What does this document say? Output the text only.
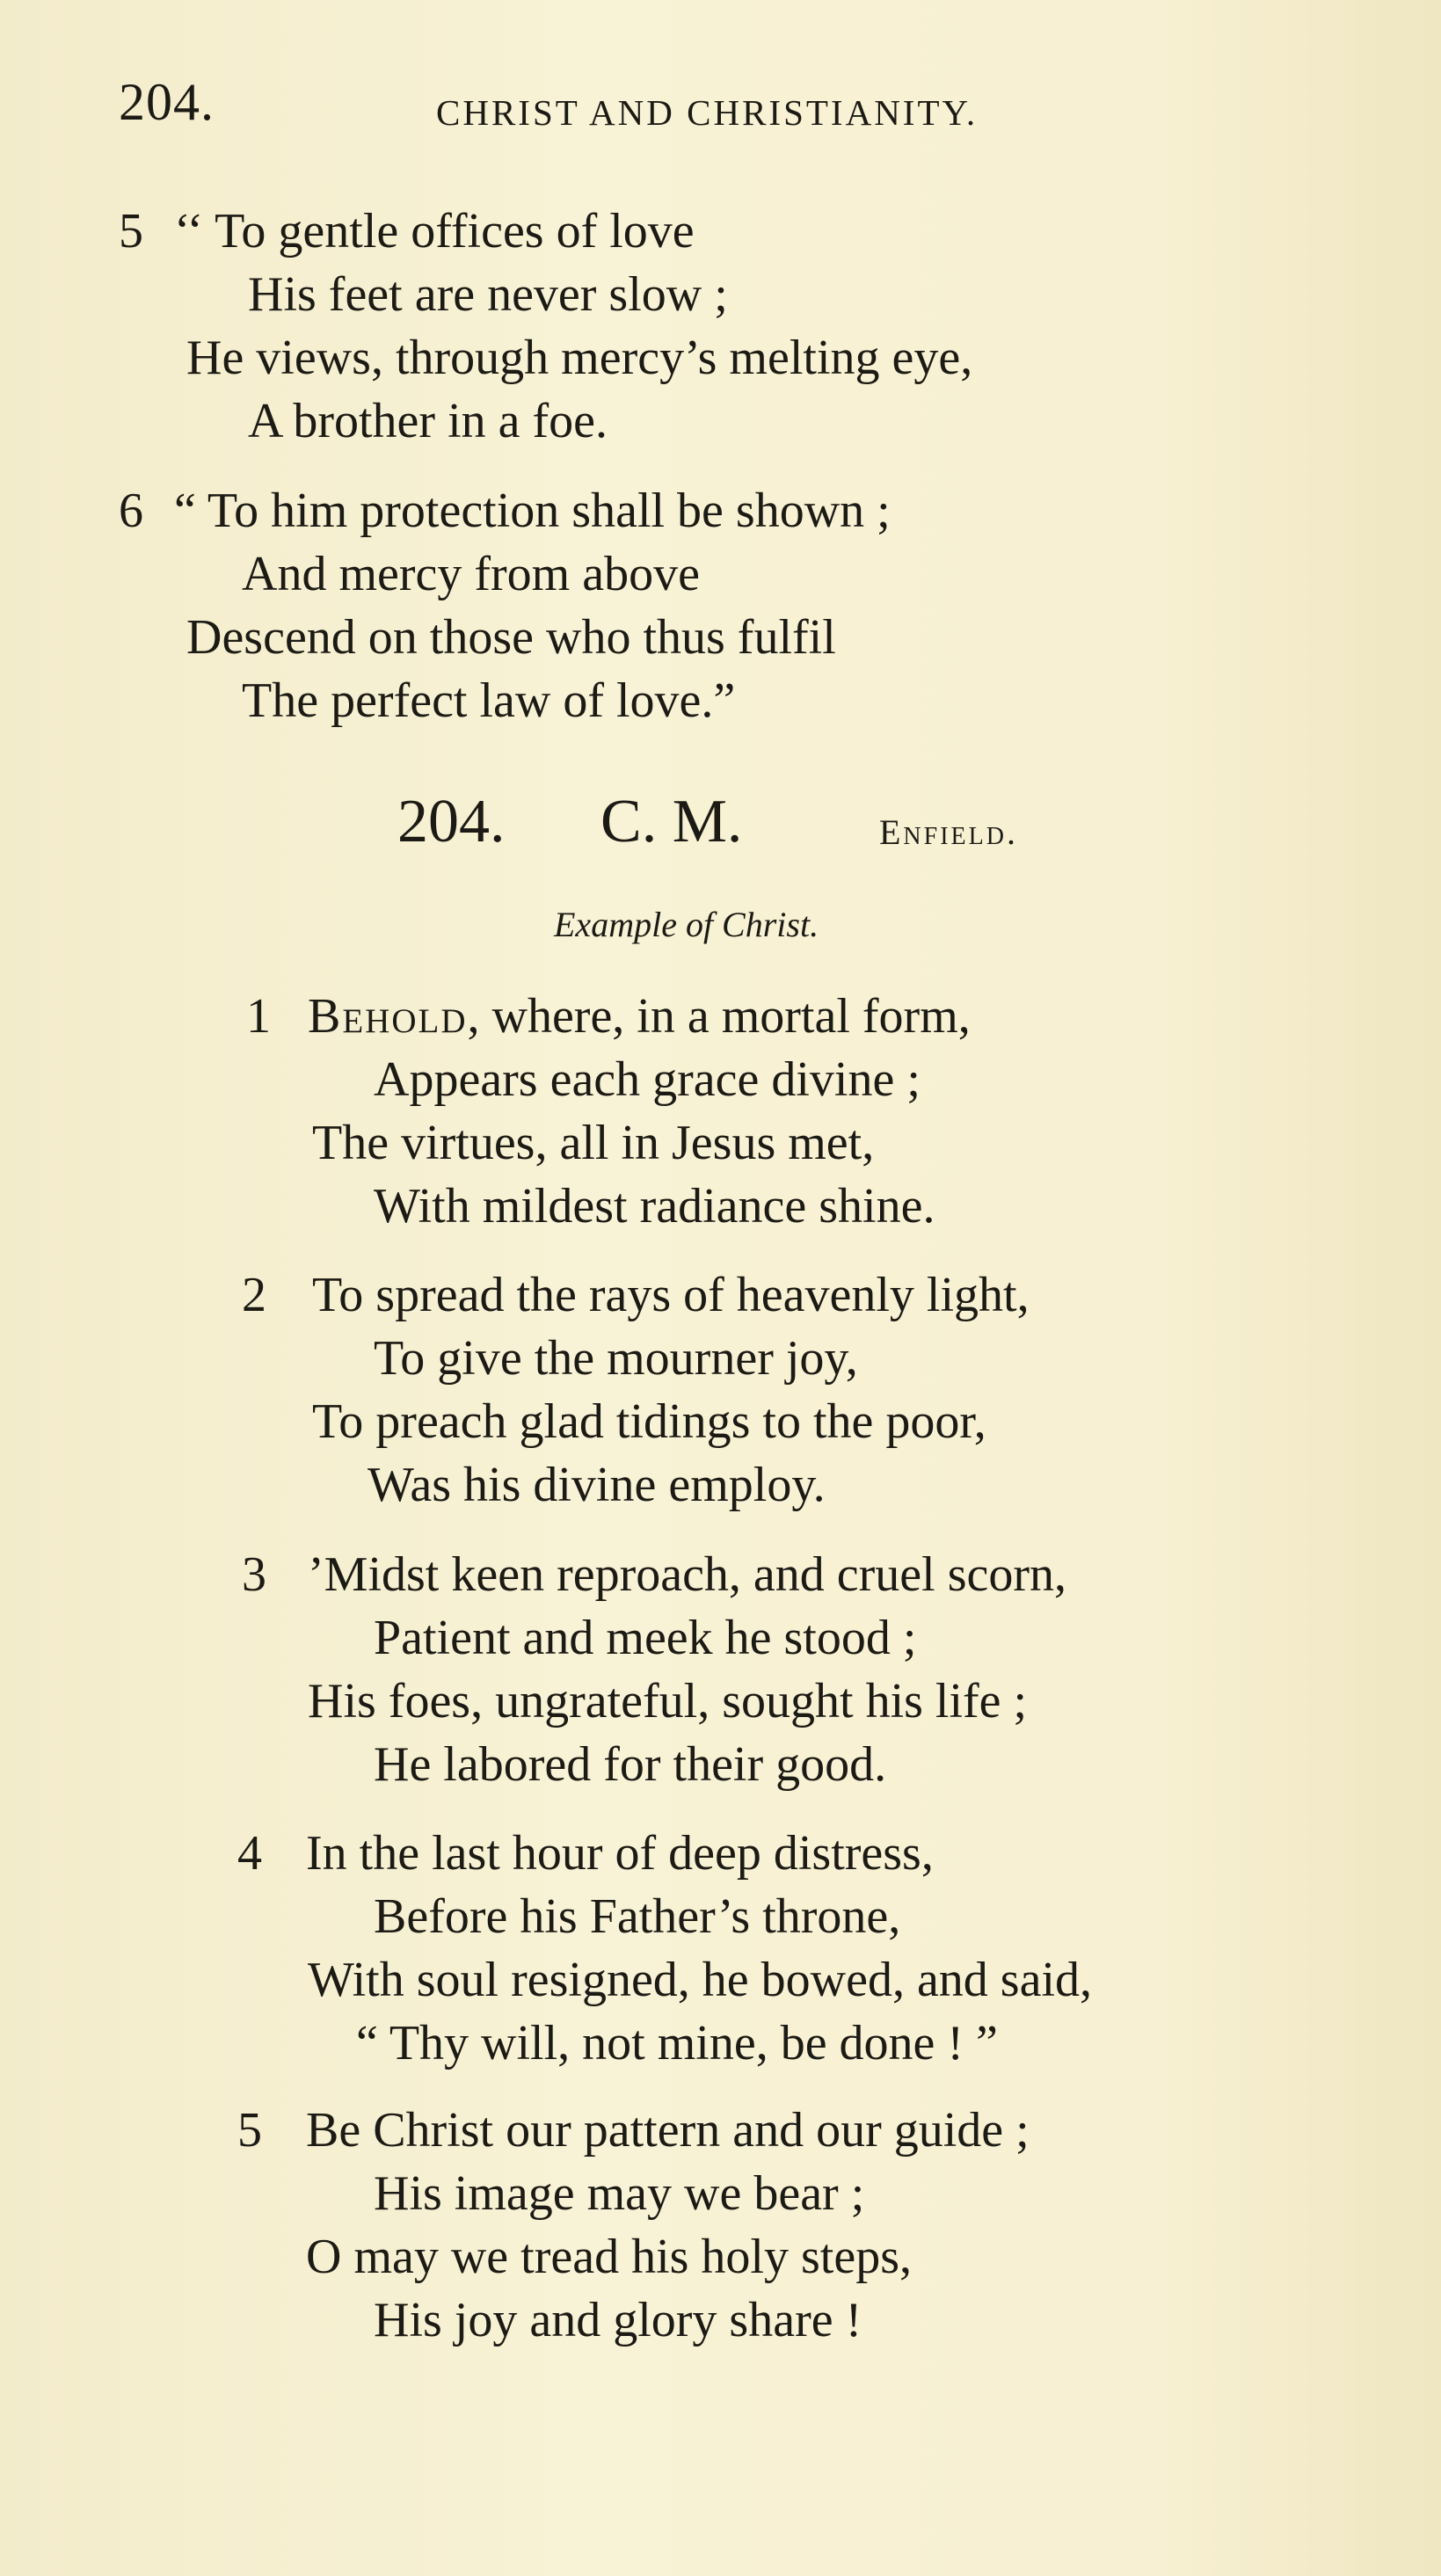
204.	CHRIST AND CHRISTIANITY.
5 ‘‘ To gentle offices of love
His feet are never slow ;
He views, through mercy’s melting eye,
A brother in a foe.
6 “ To him protection shall be shown ;
And mercy from above
Descend on those who thus fulfil
The perfect law of love.”
204. C. M.	Enfield.
Example of Christ.
1 Behold, where, in a mortal form,
Appears each grace divine ;
The virtues, all in Jesus met,
With mildest radiance shine.
2 To spread the rays of heavenly light,
To give the mourner joy,
To preach glad tidings to the poor,
Was his divine employ.
3 ’Midst keen reproach, and cruel scorn,
Patient and meek he stood ;
His foes, ungrateful, sought his life ;
He labored for their good.
4 In the last hour of deep distress,
Before his Father’s throne,
With soul resigned, he bowed, and said,
“ Thy will, not mine, be done ! ”
5 Be Christ our pattern and our guide ;
His image may we bear ;
O may we tread his holy steps,
His joy and glory share !
